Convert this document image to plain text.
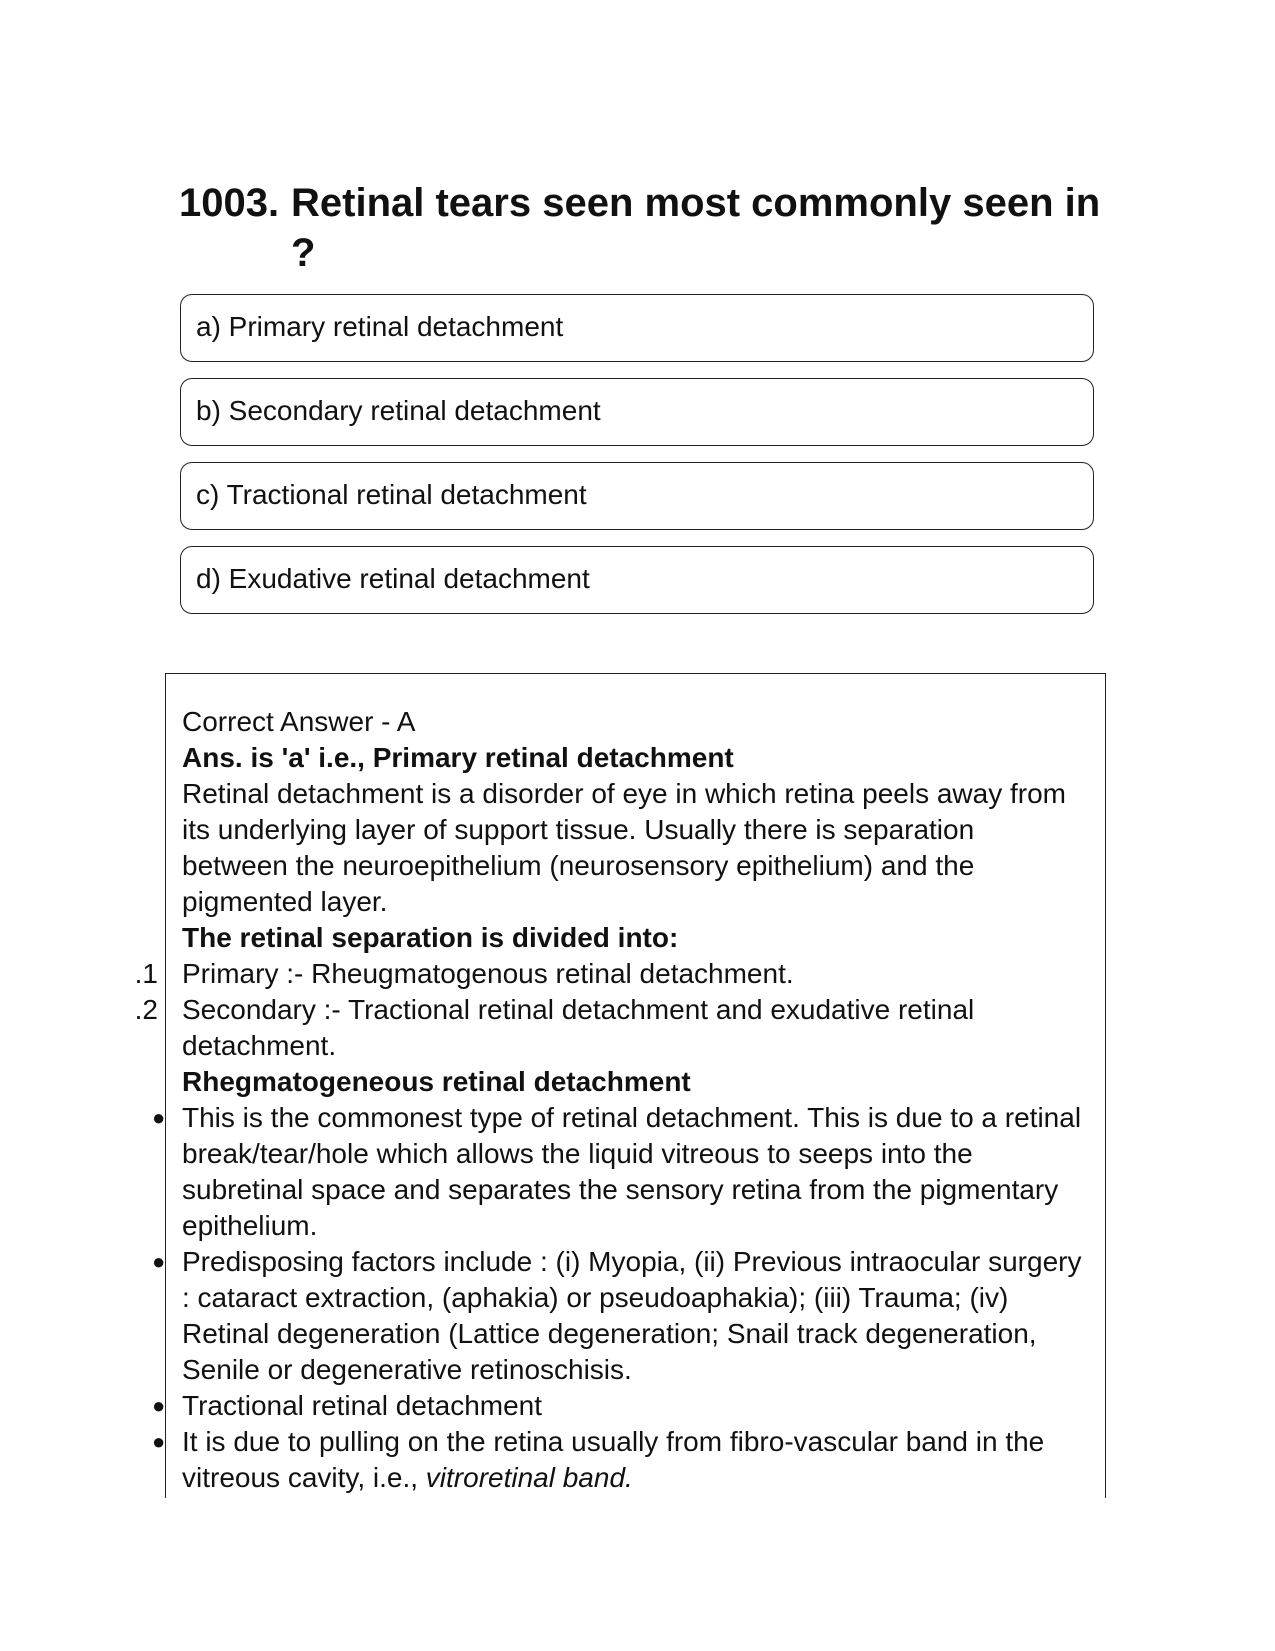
1003. Retinal tears seen most commonly seen in ?
a) Primary retinal detachment
b) Secondary retinal detachment
c) Tractional retinal detachment
d) Exudative retinal detachment

Correct Answer - A

Ans. is 'a' i.e., Primary retinal detachment

Retinal detachment is a disorder of eye in which retina peels away from its underlying layer of support tissue. Usually there is separation between the neuroepithelium (neurosensory epithelium) and the pigmented layer.

The retinal separation is divided into:

1. Primary :- Rheugmatogenous retinal detachment.
2. Secondary :- Tractional retinal detachment and exudative retinal detachment.

Rhegmatogeneous retinal detachment

● This is the commonest type of retinal detachment. This is due to a retinal break/tear/hole which allows the liquid vitreous to seeps into the subretinal space and separates the sensory retina from the pigmentary epithelium.
● Predisposing factors include : (i) Myopia, (ii) Previous intraocular surgery : cataract extraction, (aphakia) or pseudoaphakia); (iii) Trauma; (iv) Retinal degeneration (Lattice degeneration; Snail track degeneration, Senile or degenerative retinoschisis.
● Tractional retinal detachment
● It is due to pulling on the retina usually from fibro-vascular band in the vitreous cavity, i.e., vitroretinal band.
